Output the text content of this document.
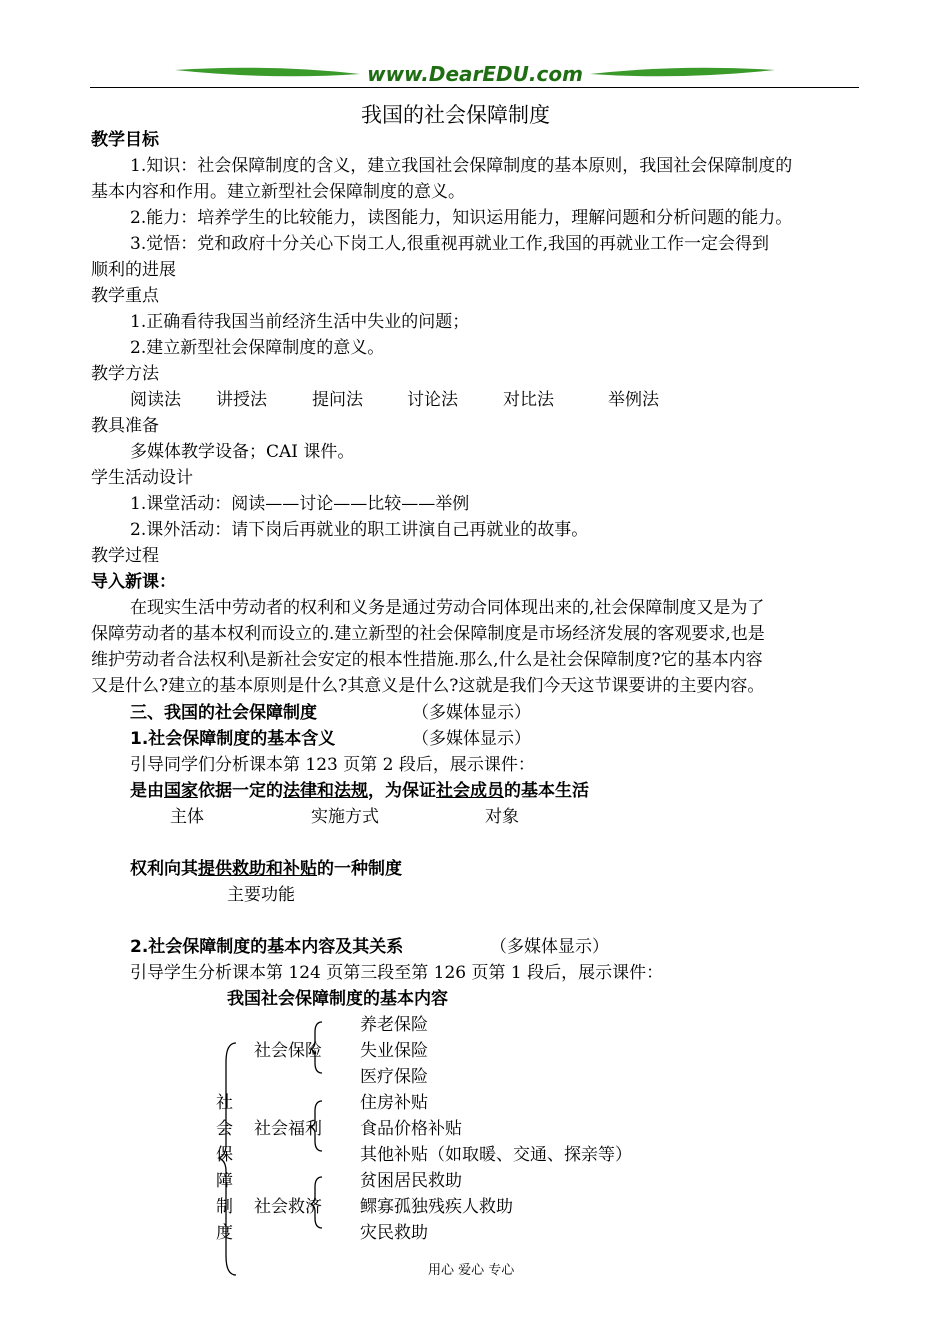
www.DearEDU.com
我国的社会保障制度
教学目标
1.知识：社会保障制度的含义，建立我国社会保障制度的基本原则，我国社会保障制度的
基本内容和作用。建立新型社会保障制度的意义。
2.能力：培养学生的比较能力，读图能力，知识运用能力，理解问题和分析问题的能力。
3.觉悟：党和政府十分关心下岗工人,很重视再就业工作,我国的再就业工作一定会得到
顺利的进展
教学重点
1.正确看待我国当前经济生活中失业的问题；
2.建立新型社会保障制度的意义。
教学方法
阅读法 讲授法	提问法	讨论法	对比法	举例法
教具准备
多媒体教学设备；CAI 课件。
学生活动设计
1.课堂活动：阅读——讨论——比较——举例
2.课外活动：请下岗后再就业的职工讲演自己再就业的故事。
教学过程
导入新课：
在现实生活中劳动者的权利和义务是通过劳动合同体现出来的,社会保障制度又是为了
保障劳动者的基本权利而设立的.建立新型的社会保障制度是市场经济发展的客观要求,也是
维护劳动者合法权利\是新社会安定的根本性措施.那么,什么是社会保障制度?它的基本内容
又是什么?建立的基本原则是什么?其意义是什么?这就是我们今天这节课要讲的主要内容。
三、我国的社会保障制度	（多媒体显示）
1.社会保障制度的基本含义	（多媒体显示）
引导同学们分析课本第 123 页第 2 段后，展示课件：
是由国家依据一定的法律和法规，为保证社会成员的基本生活
主体	实施方式	对象
权利向其提供救助和补贴的一种制度
主要功能
2.社会保障制度的基本内容及其关系	（多媒体显示）
引导学生分析课本第 124 页第三段至第 126 页第 1 段后，展示课件：
我国社会保障制度的基本内容
社
会
保
障
制
度
社会保险
社会福利
社会救济
养老保险
失业保险
医疗保险
住房补贴
食品价格补贴
其他补贴（如取暖、交通、探亲等）
贫困居民救助
鳏寡孤独残疾人救助
灾民救助
用心 爱心 专心
